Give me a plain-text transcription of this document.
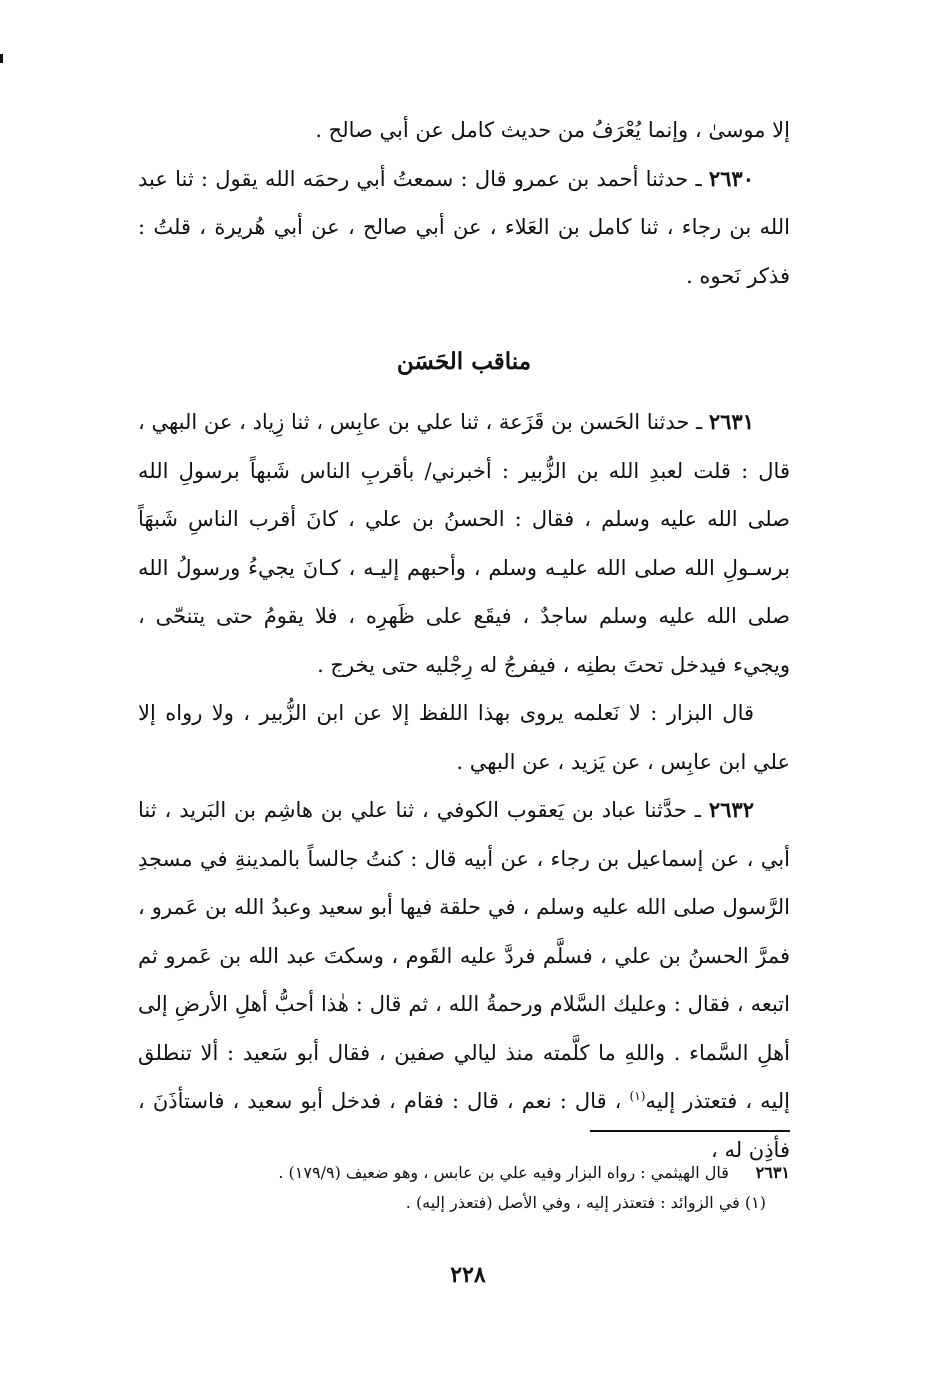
إلا موسىٰ ، وإنما يُعْرَفُ من حديث كامل عن أبي صالح .

٢٦٣٠ ـ حدثنا أحمد بن عمرو قال : سمعتُ أبي رحمَه الله يقول : ثنا عبد الله بن رجاء ، ثنا كامل بن العَلاء ، عن أبي صالح ، عن أبي هُريرة ، قلتُ : فذكر نَحوه .

مناقب الحَسَن

٢٦٣١ ـ حدثنا الحَسن بن قَزَعة ، ثنا علي بن عابِس ، ثنا زِياد ، عن البهي ، قال : قلت لعبدِ الله بن الزُّبير : أخبرني/ بأقربِ الناس شَبهاً برسولِ الله صلى الله عليه وسلم ، فقال : الحسنُ بن علي ، كانَ أقرب الناسِ شَبهَاً برسـولِ الله صلى الله عليـه وسلم ، وأحبهم إليـه ، كـانَ يجيءُ ورسولُ الله صلى الله عليه وسلم ساجدٌ ، فيقَع على ظَهرِه ، فلا يقومُ حتى يتنحّى ، ويجيء فيدخل تحتَ بطنِه ، فيفرجُ له رِجْليه حتى يخرج .

قال البزار : لا نَعلمه يروى بهذا اللفظ إلا عن ابن الزُّبير ، ولا رواه إلا علي ابن عابِس ، عن يَزيد ، عن البهي .

٢٦٣٢ ـ حدَّثنا عباد بن يَعقوب الكوفي ، ثنا علي بن هاشِم بن البَريد ، ثنا أبي ، عن إسماعيل بن رجاء ، عن أبيه قال : كنتُ جالساً بالمدينةِ في مسجدِ الرَّسول صلى الله عليه وسلم ، في حلقة فيها أبو سعيد وعبدُ الله بن عَمرو ، فمرَّ الحسنُ بن علي ، فسلَّم فردَّ عليه القَوم ، وسكتَ عبد الله بن عَمرو ثم اتبعه ، فقال : وعليك السَّلام ورحمةُ الله ، ثم قال : هٰذا أحبُّ أهلِ الأرضِ إلى أهلِ السَّماء . واللهِ ما كلَّمته منذ ليالي صفين ، فقال أبو سَعيد : ألا تنطلق إليه ، فتعتذر إليه$^{(١)}$ ، قال : نعم ، قال : فقام ، فدخل أبو سعيد ، فاستأذَنَ ، فأذِن له ،

٢٦٣١ قال الهيثمي : رواه البزار وفيه علي بن عابس ، وهو ضعيف (١٧٩/٩) .

(١) في الزوائد : فتعتذر إليه ، وفي الأصل (فتعذر إليه) .

٢٢٨
